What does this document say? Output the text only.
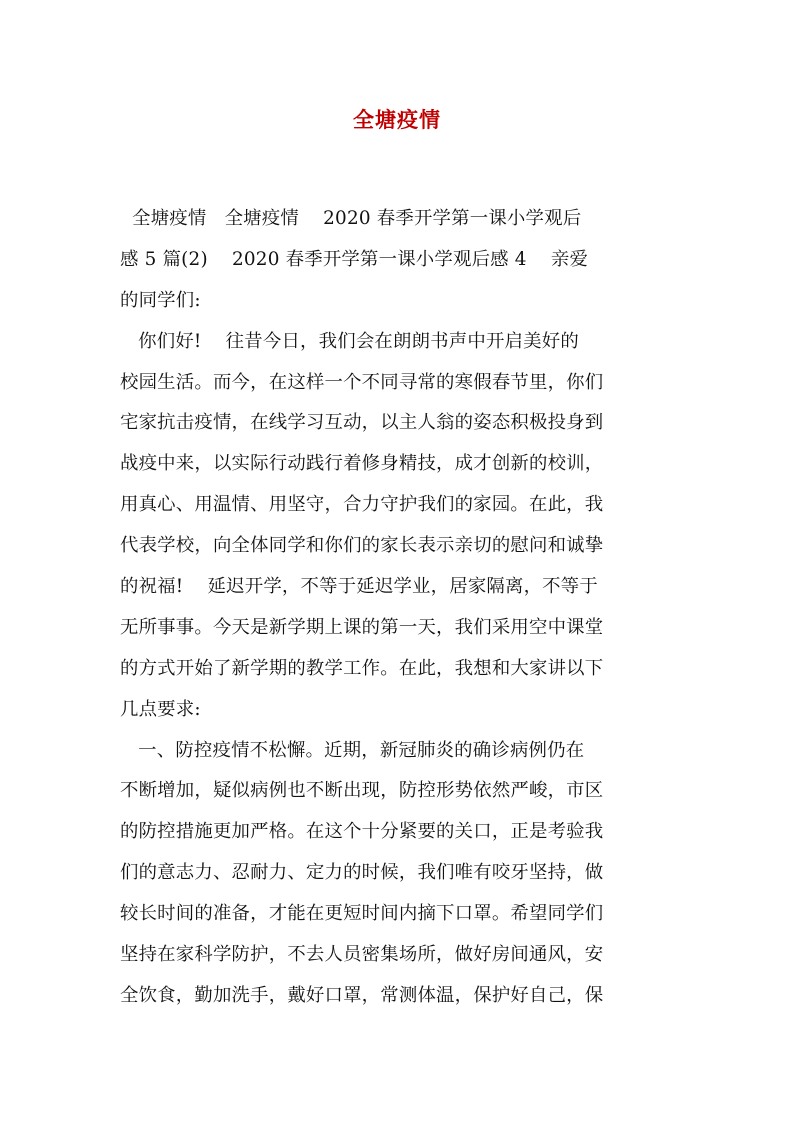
全塘疫情
全塘疫情   全塘疫情    2020 春季开学第一课小学观后
感 5 篇(2)    2020 春季开学第一课小学观后感 4    亲爱
的同学们:
你们好!    往昔今日，我们会在朗朗书声中开启美好的
校园生活。而今，在这样一个不同寻常的寒假春节里，你们
宅家抗击疫情，在线学习互动，以主人翁的姿态积极投身到
战疫中来，以实际行动践行着修身精技，成才创新的校训，
用真心、用温情、用坚守，合力守护我们的家园。在此，我
代表学校，向全体同学和你们的家长表示亲切的慰问和诚挚
的祝福!    延迟开学，不等于延迟学业，居家隔离，不等于
无所事事。今天是新学期上课的第一天，我们采用空中课堂
的方式开始了新学期的教学工作。在此，我想和大家讲以下
几点要求:
一、防控疫情不松懈。近期，新冠肺炎的确诊病例仍在
不断增加，疑似病例也不断出现，防控形势依然严峻，市区
的防控措施更加严格。在这个十分紧要的关口，正是考验我
们的意志力、忍耐力、定力的时候，我们唯有咬牙坚持，做
较长时间的准备，才能在更短时间内摘下口罩。希望同学们
坚持在家科学防护，不去人员密集场所，做好房间通风，安
全饮食，勤加洗手，戴好口罩，常测体温，保护好自己，保
